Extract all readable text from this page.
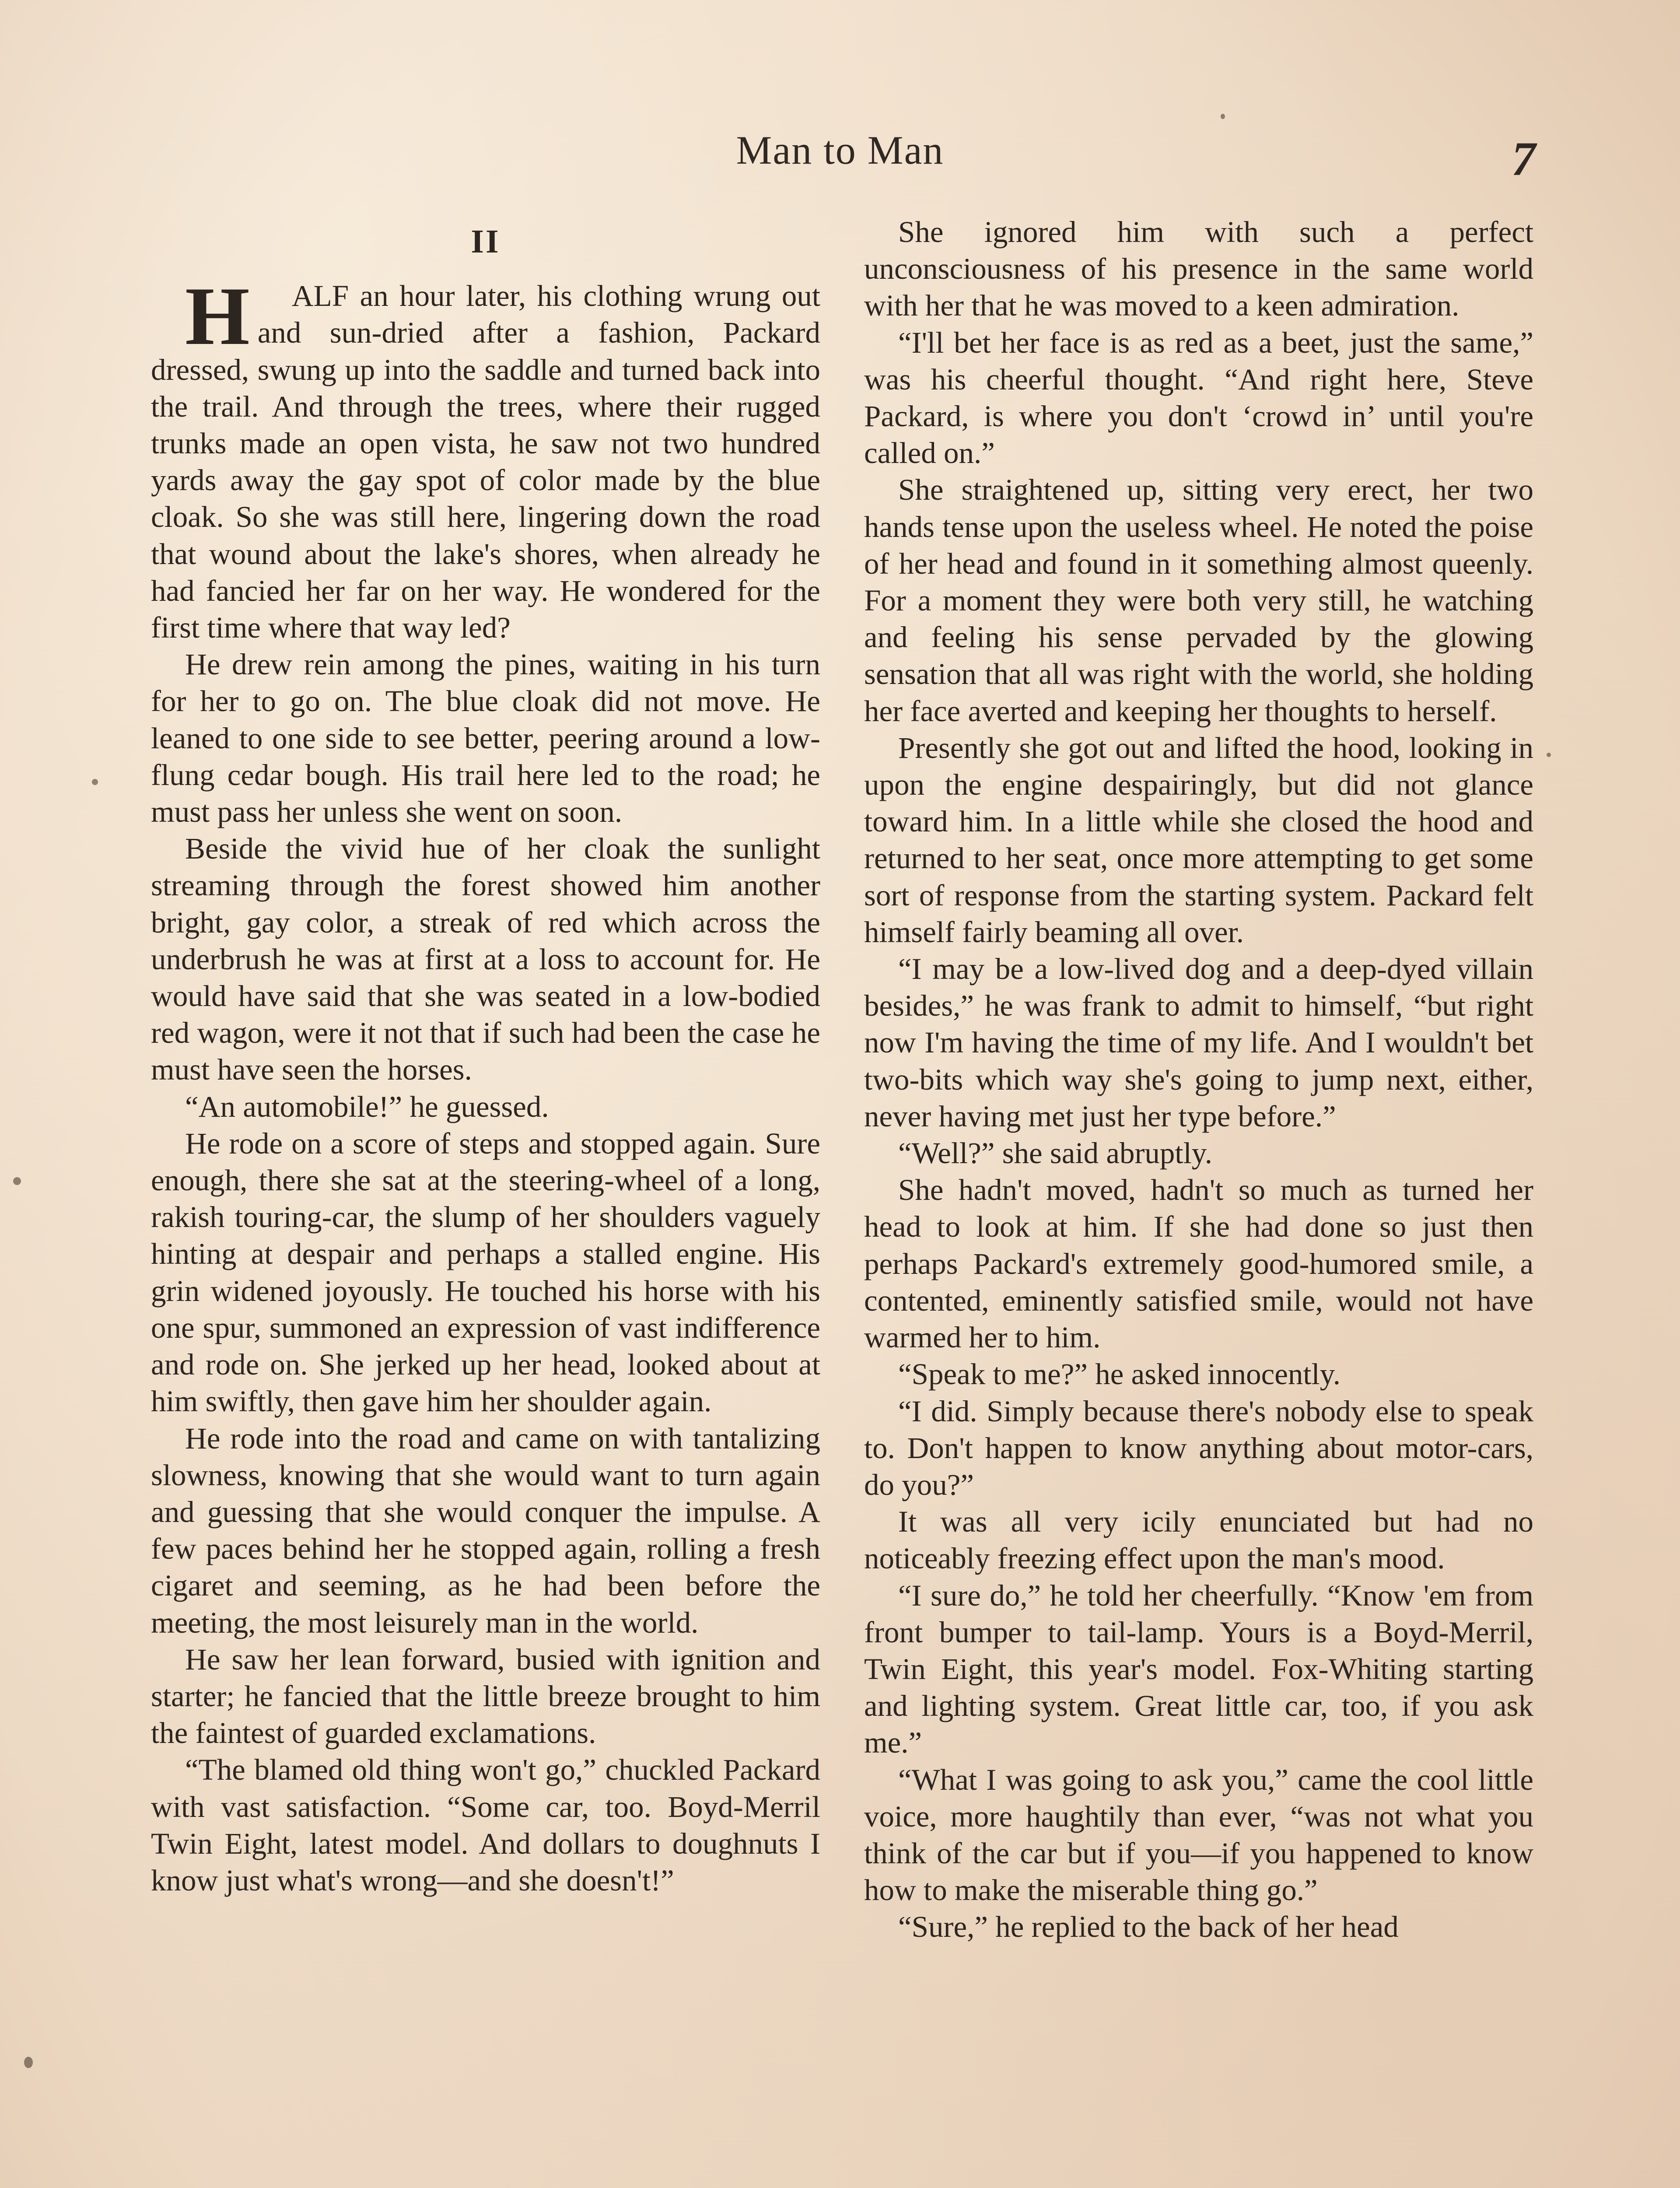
Man to Man	7
II

H ALF an hour later, his clothing wrung out and sun-dried after a fashion, Packard dressed, swung up into the saddle and turned back into the trail. And through the trees, where their rugged trunks made an open vista, he saw not two hundred yards away the gay spot of color made by the blue cloak. So she was still here, lingering down the road that wound about the lake's shores, when already he had fancied her far on her way. He wondered for the first time where that way led?

He drew rein among the pines, waiting in his turn for her to go on. The blue cloak did not move. He leaned to one side to see better, peering around a low-flung cedar bough. His trail here led to the road; he must pass her unless she went on soon.

Beside the vivid hue of her cloak the sunlight streaming through the forest showed him another bright, gay color, a streak of red which across the underbrush he was at first at a loss to account for. He would have said that she was seated in a low-bodied red wagon, were it not that if such had been the case he must have seen the horses.

“An automobile!” he guessed.

He rode on a score of steps and stopped again. Sure enough, there she sat at the steering-wheel of a long, rakish touring-car, the slump of her shoulders vaguely hinting at despair and perhaps a stalled engine. His grin widened joyously. He touched his horse with his one spur, summoned an expression of vast indifference and rode on. She jerked up her head, looked about at him swiftly, then gave him her shoulder again.

He rode into the road and came on with tantalizing slowness, knowing that she would want to turn again and guessing that she would conquer the impulse. A few paces behind her he stopped again, rolling a fresh cigaret and seeming, as he had been before the meeting, the most leisurely man in the world.

He saw her lean forward, busied with ignition and starter; he fancied that the little breeze brought to him the faintest of guarded exclamations.

“The blamed old thing won't go,” chuckled Packard with vast satisfaction. “Some car, too. Boyd-Merril Twin Eight, latest model. And dollars to doughnuts I know just what's wrong—and she doesn't!”

She ignored him with such a perfect unconsciousness of his presence in the same world with her that he was moved to a keen admiration.

“I'll bet her face is as red as a beet, just the same,” was his cheerful thought. “And right here, Steve Packard, is where you don't ‘crowd in’ until you're called on.”

She straightened up, sitting very erect, her two hands tense upon the useless wheel. He noted the poise of her head and found in it something almost queenly. For a moment they were both very still, he watching and feeling his sense pervaded by the glowing sensation that all was right with the world, she holding her face averted and keeping her thoughts to herself.

Presently she got out and lifted the hood, looking in upon the engine despairingly, but did not glance toward him. In a little while she closed the hood and returned to her seat, once more attempting to get some sort of response from the starting system. Packard felt himself fairly beaming all over.

“I may be a low-lived dog and a deep-dyed villain besides,” he was frank to admit to himself, “but right now I'm having the time of my life. And I wouldn't bet two-bits which way she's going to jump next, either, never having met just her type before.”

“Well?” she said abruptly.

She hadn't moved, hadn't so much as turned her head to look at him. If she had done so just then perhaps Packard's extremely good-humored smile, a contented, eminently satisfied smile, would not have warmed her to him.

“Speak to me?” he asked innocently.

“I did. Simply because there's nobody else to speak to. Don't happen to know anything about motor-cars, do you?”

It was all very icily enunciated but had no noticeably freezing effect upon the man's mood.

“I sure do,” he told her cheerfully. “Know 'em from front bumper to tail-lamp. Yours is a Boyd-Merril, Twin Eight, this year's model. Fox-Whiting starting and lighting system. Great little car, too, if you ask me.”

“What I was going to ask you,” came the cool little voice, more haughtily than ever, “was not what you think of the car but if you—if you happened to know how to make the miserable thing go.”

“Sure,” he replied to the back of her head
